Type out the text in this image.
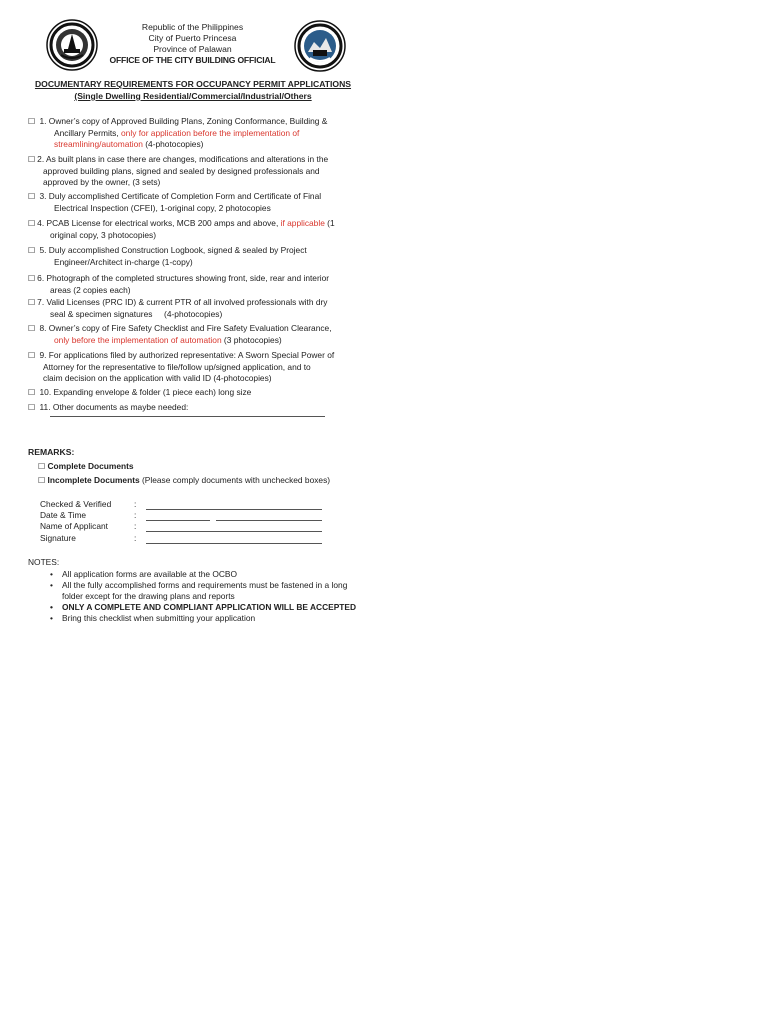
Republic of the Philippines
City of Puerto Princesa
Province of Palawan
OFFICE OF THE CITY BUILDING OFFICIAL
DOCUMENTARY REQUIREMENTS FOR OCCUPANCY PERMIT APPLICATIONS
(Single Dwelling Residential/Commercial/Industrial/Others
☐ 1. Owner’s copy of Approved Building Plans, Zoning Conformance, Building &
Ancillary Permits, only for application before the implementation of
streamlining/automation (4-photocopies)
☐ 2. As built plans in case there are changes, modifications and alterations in the
approved building plans, signed and sealed by designed professionals and
approved by the owner, (3 sets)
☐ 3. Duly accomplished Certificate of Completion Form and Certificate of Final
Electrical Inspection (CFEI), 1-original copy, 2 photocopies
☐ 4. PCAB License for electrical works, MCB 200 amps and above, if applicable (1
original copy, 3 photocopies)
☐ 5. Duly accomplished Construction Logbook, signed & sealed by Project
Engineer/Architect in-charge (1-copy)
☐ 6. Photograph of the completed structures showing front, side, rear and interior
areas (2 copies each)
☐ 7. Valid Licenses (PRC ID) & current PTR of all involved professionals with dry
seal & specimen signatures     (4-photocopies)
☐ 8. Owner’s copy of Fire Safety Checklist and Fire Safety Evaluation Clearance,
only before the implementation of automation (3 photocopies)
☐ 9. For applications filed by authorized representative: A Sworn Special Power of
Attorney for the representative to file/follow up/signed application, and to
claim decision on the application with valid ID (4-photocopies)
☐ 10. Expanding envelope & folder (1 piece each) long size
☐ 11. Other documents as maybe needed:
REMARKS:
☐ Complete Documents
☐ Incomplete Documents (Please comply documents with unchecked boxes)
Checked & Verified	:
Date & Time	:
Name of Applicant	:
Signature	:
NOTES:
• All application forms are available at the OCBO
• All the fully accomplished forms and requirements must be fastened in a long folder except for the drawing plans and reports
• ONLY A COMPLETE AND COMPLIANT APPLICATION WILL BE ACCEPTED
• Bring this checklist when submitting your application
